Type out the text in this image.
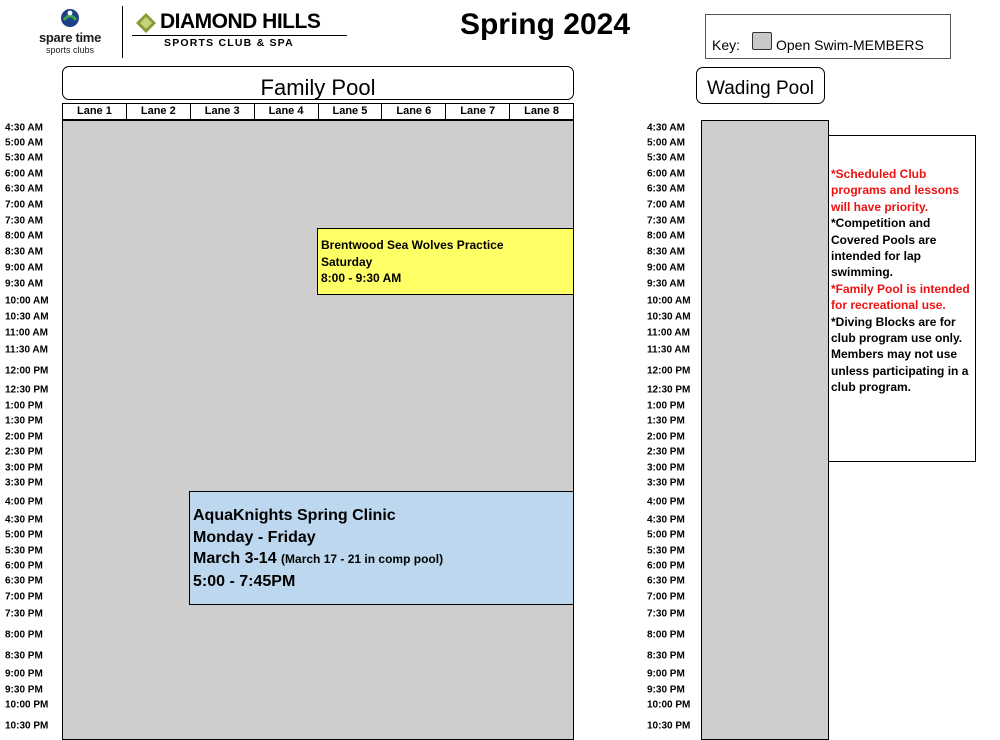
spare time
sports clubs
DIAMOND HILLS
SPORTS CLUB & SPA
Spring 2024
Key:	Open Swim-MEMBERS
Family Pool	Wading Pool
Lane 1	Lane 2	Lane 3	Lane 4	Lane 5	Lane 6	Lane 7	Lane 8
4:30 AM
5:00 AM
5:30 AM
6:00 AM
6:30 AM
7:00 AM
7:30 AM
8:00 AM
8:30 AM
9:00 AM
9:30 AM
10:00 AM
10:30 AM
11:00 AM
11:30 AM
12:00 PM
12:30 PM
1:00 PM
1:30 PM
2:00 PM
2:30 PM
3:00 PM
3:30 PM
4:00 PM
4:30 PM
5:00 PM
5:30 PM
6:00 PM
6:30 PM
7:00 PM
7:30 PM
8:00 PM
8:30 PM
9:00 PM
9:30 PM
10:00 PM
10:30 PM
4:30 AM
5:00 AM
5:30 AM
6:00 AM
6:30 AM
7:00 AM
7:30 AM
8:00 AM
8:30 AM
9:00 AM
9:30 AM
10:00 AM
10:30 AM
11:00 AM
11:30 AM
12:00 PM
12:30 PM
1:00 PM
1:30 PM
2:00 PM
2:30 PM
3:00 PM
3:30 PM
4:00 PM
4:30 PM
5:00 PM
5:30 PM
6:00 PM
6:30 PM
7:00 PM
7:30 PM
8:00 PM
8:30 PM
9:00 PM
9:30 PM
10:00 PM
10:30 PM
Brentwood Sea Wolves Practice
Saturday
8:00 - 9:30 AM
AquaKnights Spring Clinic
Monday - Friday
March 3-14 (March 17 - 21 in comp pool)
5:00 - 7:45PM
*Scheduled Club programs and lessons will have priority.
*Competition and Covered Pools are intended for lap swimming.
*Family Pool is intended for recreational use.
*Diving Blocks are for club program use only. Members may not use unless participating in a club program.
